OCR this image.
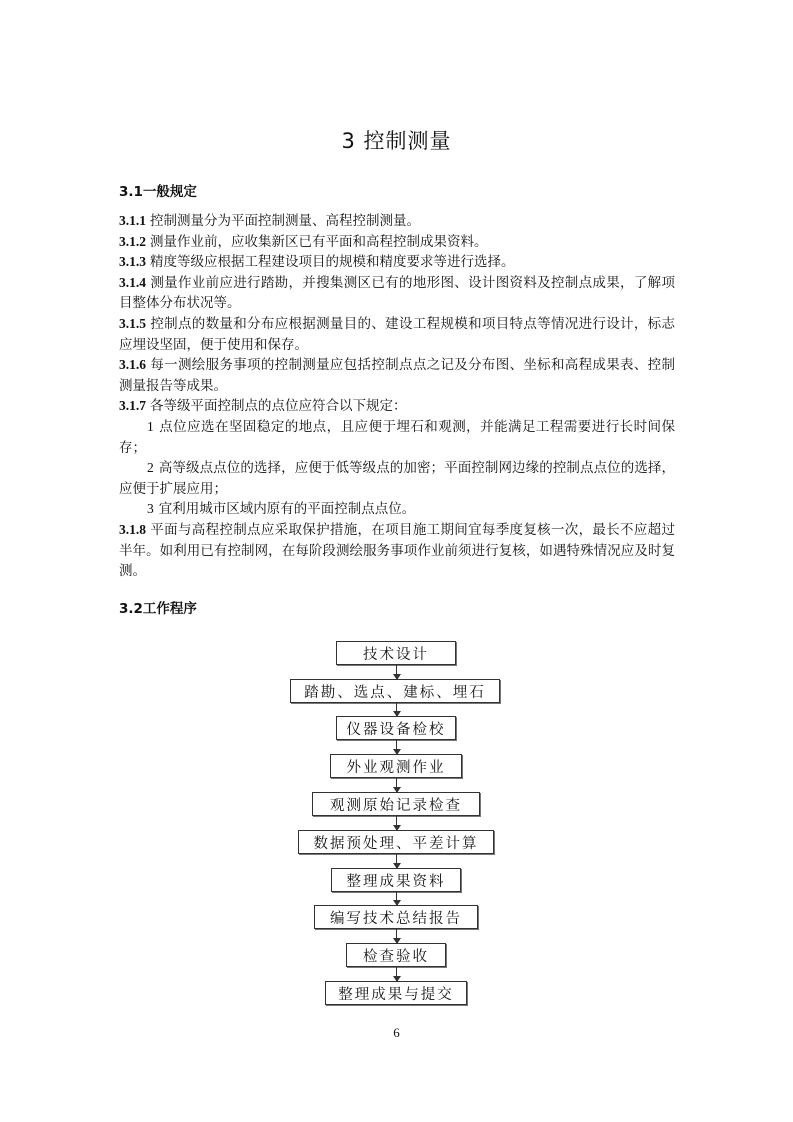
3 控制测量
3.1一般规定

3.1.1 控制测量分为平面控制测量、高程控制测量。

3.1.2 测量作业前，应收集新区已有平面和高程控制成果资料。

3.1.3 精度等级应根据工程建设项目的规模和精度要求等进行选择。

3.1.4 测量作业前应进行踏勘，并搜集测区已有的地形图、设计图资料及控制点成果，了解项目整体分布状况等。

3.1.5 控制点的数量和分布应根据测量目的、建设工程规模和项目特点等情况进行设计，标志应埋设坚固，便于使用和保存。

3.1.6 每一测绘服务事项的控制测量应包括控制点点之记及分布图、坐标和高程成果表、控制测量报告等成果。

3.1.7 各等级平面控制点的点位应符合以下规定：

1 点位应选在坚固稳定的地点，且应便于埋石和观测，并能满足工程需要进行长时间保存；

2 高等级点点位的选择，应便于低等级点的加密；平面控制网边缘的控制点点位的选择，应便于扩展应用；

3 宜利用城市区域内原有的平面控制点点位。

3.1.8 平面与高程控制点应采取保护措施，在项目施工期间宜每季度复核一次，最长不应超过半年。如利用已有控制网，在每阶段测绘服务事项作业前须进行复核，如遇特殊情况应及时复测。

3.2工作程序
技术设计
踏勘、选点、建标、埋石
仪器设备检校
外业观测作业
观测原始记录检查
数据预处理、平差计算
整理成果资料
编写技术总结报告
检查验收
整理成果与提交
6
